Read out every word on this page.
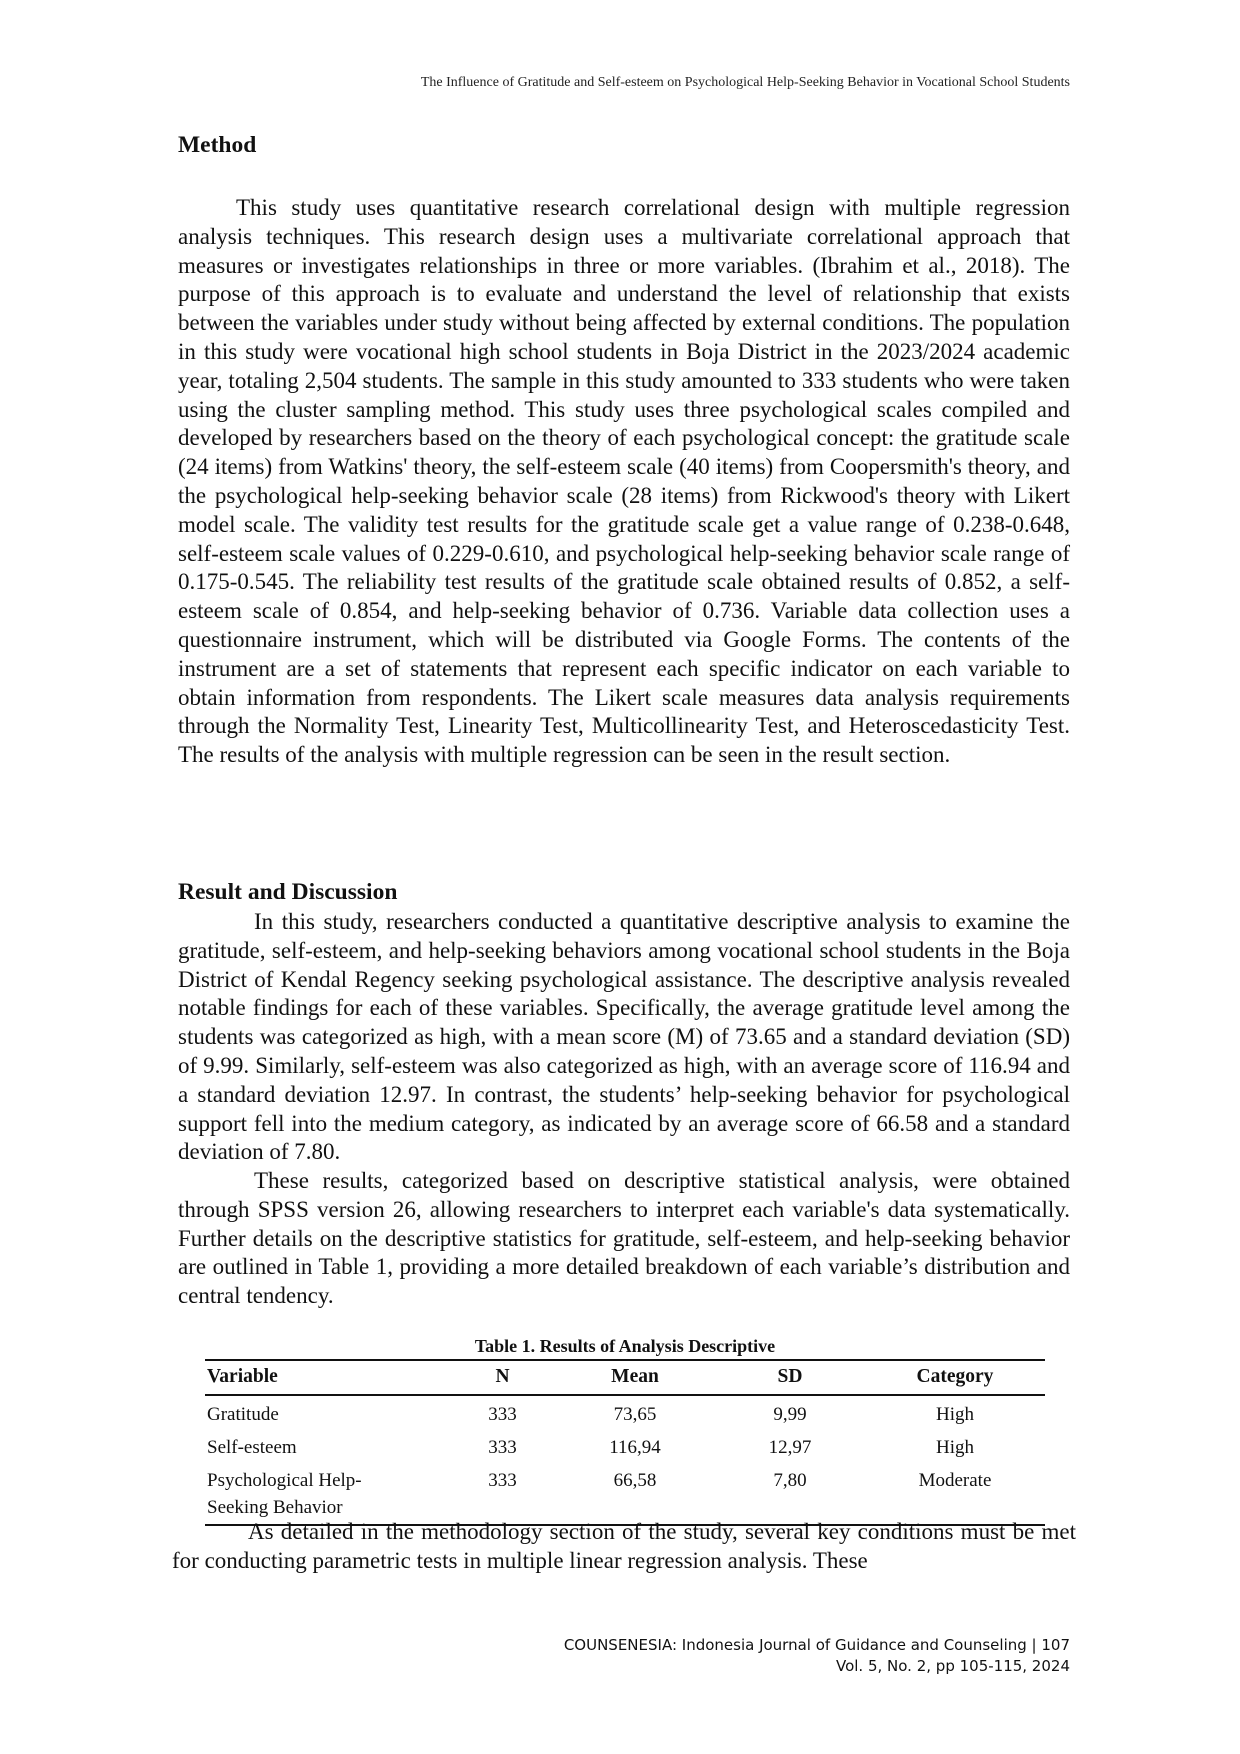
The Influence of Gratitude and Self-esteem on Psychological Help-Seeking Behavior in Vocational School Students
Method

This study uses quantitative research correlational design with multiple regression analysis techniques. This research design uses a multivariate correlational approach that measures or investigates relationships in three or more variables. (Ibrahim et al., 2018). The purpose of this approach is to evaluate and understand the level of relationship that exists between the variables under study without being affected by external conditions. The population in this study were vocational high school students in Boja District in the 2023/2024 academic year, totaling 2,504 students. The sample in this study amounted to 333 students who were taken using the cluster sampling method. This study uses three psychological scales compiled and developed by researchers based on the theory of each psychological concept: the gratitude scale (24 items) from Watkins' theory, the self-esteem scale (40 items) from Coopersmith's theory, and the psychological help-seeking behavior scale (28 items) from Rickwood's theory with Likert model scale. The validity test results for the gratitude scale get a value range of 0.238-0.648, self-esteem scale values of 0.229-0.610, and psychological help-seeking behavior scale range of 0.175-0.545. The reliability test results of the gratitude scale obtained results of 0.852, a self-esteem scale of 0.854, and help-seeking behavior of 0.736. Variable data collection uses a questionnaire instrument, which will be distributed via Google Forms. The contents of the instrument are a set of statements that represent each specific indicator on each variable to obtain information from respondents. The Likert scale measures data analysis requirements through the Normality Test, Linearity Test, Multicollinearity Test, and Heteroscedasticity Test. The results of the analysis with multiple regression can be seen in the result section.

Result and Discussion

In this study, researchers conducted a quantitative descriptive analysis to examine the gratitude, self-esteem, and help-seeking behaviors among vocational school students in the Boja District of Kendal Regency seeking psychological assistance. The descriptive analysis revealed notable findings for each of these variables. Specifically, the average gratitude level among the students was categorized as high, with a mean score (M) of 73.65 and a standard deviation (SD) of 9.99. Similarly, self-esteem was also categorized as high, with an average score of 116.94 and a standard deviation 12.97. In contrast, the students’ help-seeking behavior for psychological support fell into the medium category, as indicated by an average score of 66.58 and a standard deviation of 7.80.

These results, categorized based on descriptive statistical analysis, were obtained through SPSS version 26, allowing researchers to interpret each variable's data systematically. Further details on the descriptive statistics for gratitude, self-esteem, and help-seeking behavior are outlined in Table 1, providing a more detailed breakdown of each variable’s distribution and central tendency.

Table 1. Results of Analysis Descriptive
Variable	N	Mean	SD	Category
Gratitude	333	73,65	9,99	High
Self-esteem	333	116,94	12,97	High
Psychological Help-
Seeking Behavior	333	66,58	7,80	Moderate

As detailed in the methodology section of the study, several key conditions must be met for conducting parametric tests in multiple linear regression analysis. These

COUNSENESIA: Indonesia Journal of Guidance and Counseling | 107
Vol. 5, No. 2, pp 105-115, 2024
